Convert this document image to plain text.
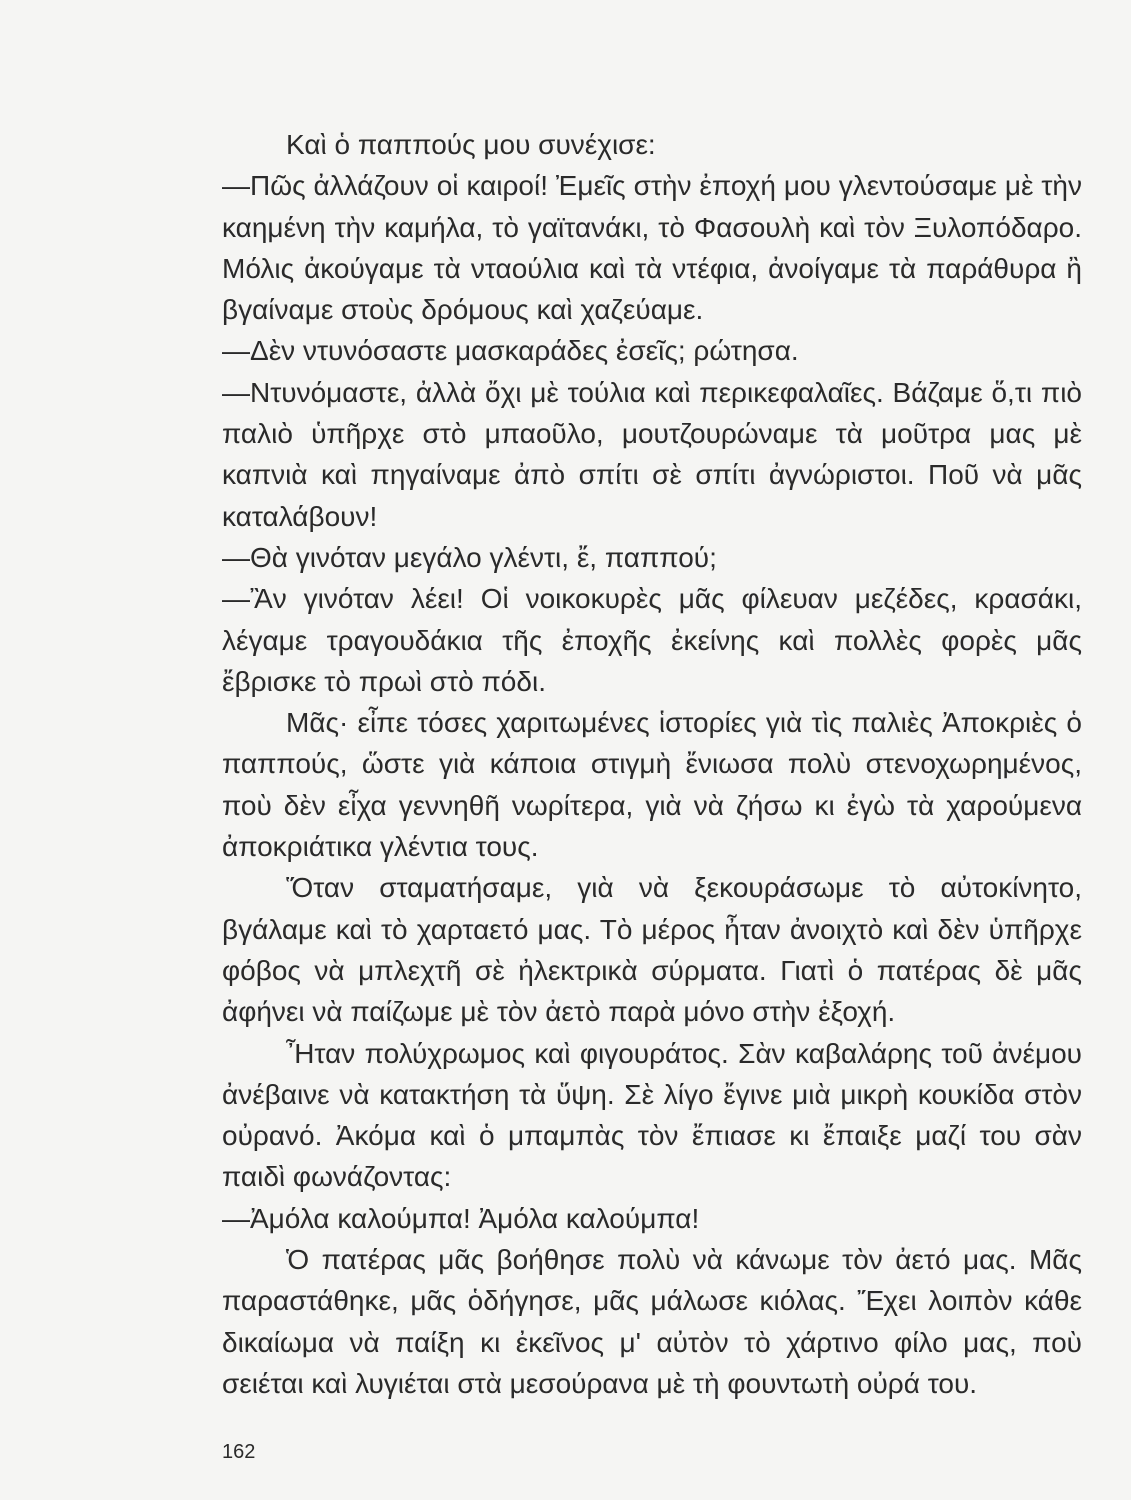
Καὶ ὁ παππούς μου συνέχισε:

—Πῶς ἀλλάζουν οἱ καιροί! Ἐμεῖς στὴν ἐποχή μου γλεντούσαμε μὲ τὴν καημένη τὴν καμήλα, τὸ γαϊτανάκι, τὸ Φασουλὴ καὶ τὸν Ξυλοπόδαρο. Μόλις ἀκούγαμε τὰ νταούλια καὶ τὰ ντέφια, ἀνοίγαμε τὰ παράθυρα ἢ βγαίναμε στοὺς δρόμους καὶ χαζεύαμε.

—Δὲν ντυνόσαστε μασκαράδες ἐσεῖς; ρώτησα.

—Ντυνόμαστε, ἀλλὰ ὄχι μὲ τούλια καὶ περικεφαλαῖες. Βάζαμε ὅ,τι πιὸ παλιὸ ὑπῆρχε στὸ μπαοῦλο, μουτζουρώναμε τὰ μοῦτρα μας μὲ καπνιὰ καὶ πηγαίναμε ἀπὸ σπίτι σὲ σπίτι ἀγνώριστοι. Ποῦ νὰ μᾶς καταλάβουν!

—Θὰ γινόταν μεγάλο γλέντι, ἔ, παππού;

—Ἂν γινόταν λέει! Οἱ νοικοκυρὲς μᾶς φίλευαν μεζέδες, κρασάκι, λέγαμε τραγουδάκια τῆς ἐποχῆς ἐκείνης καὶ πολλὲς φορὲς μᾶς ἔβρισκε τὸ πρωὶ στὸ πόδι.

Μᾶς· εἶπε τόσες χαριτωμένες ἱστορίες γιὰ τὶς παλιὲς Ἀποκριὲς ὁ παππούς, ὥστε γιὰ κάποια στιγμὴ ἔνιωσα πολὺ στενοχωρημένος, ποὺ δὲν εἶχα γεννηθῆ νωρίτερα, γιὰ νὰ ζήσω κι ἐγὼ τὰ χαρούμενα ἀποκριάτικα γλέντια τους.

Ὅταν σταματήσαμε, γιὰ νὰ ξεκουράσωμε τὸ αὐτοκίνητο, βγάλαμε καὶ τὸ χαρταετό μας. Τὸ μέρος ἦταν ἀνοιχτὸ καὶ δὲν ὑπῆρχε φόβος νὰ μπλεχτῆ σὲ ἠλεκτρικὰ σύρματα. Γιατὶ ὁ πατέρας δὲ μᾶς ἀφήνει νὰ παίζωμε μὲ τὸν ἀετὸ παρὰ μόνο στὴν ἐξοχή.

Ἦταν πολύχρωμος καὶ φιγουράτος. Σὰν καβαλάρης τοῦ ἀνέμου ἀνέβαινε νὰ κατακτήση τὰ ὕψη. Σὲ λίγο ἔγινε μιὰ μικρὴ κουκίδα στὸν οὐρανό. Ἀκόμα καὶ ὁ μπαμπὰς τὸν ἔπιασε κι ἔπαιξε μαζί του σὰν παιδὶ φωνάζοντας:

—Ἀμόλα καλούμπα! Ἀμόλα καλούμπα!

Ὁ πατέρας μᾶς βοήθησε πολὺ νὰ κάνωμε τὸν ἀετό μας. Μᾶς παραστάθηκε, μᾶς ὁδήγησε, μᾶς μάλωσε κιόλας. Ἔχει λοιπὸν κάθε δικαίωμα νὰ παίξη κι ἐκεῖνος μ' αὐτὸν τὸ χάρτινο φίλο μας, ποὺ σειέται καὶ λυγιέται στὰ μεσούρανα μὲ τὴ φουντωτὴ οὐρά του.

162
